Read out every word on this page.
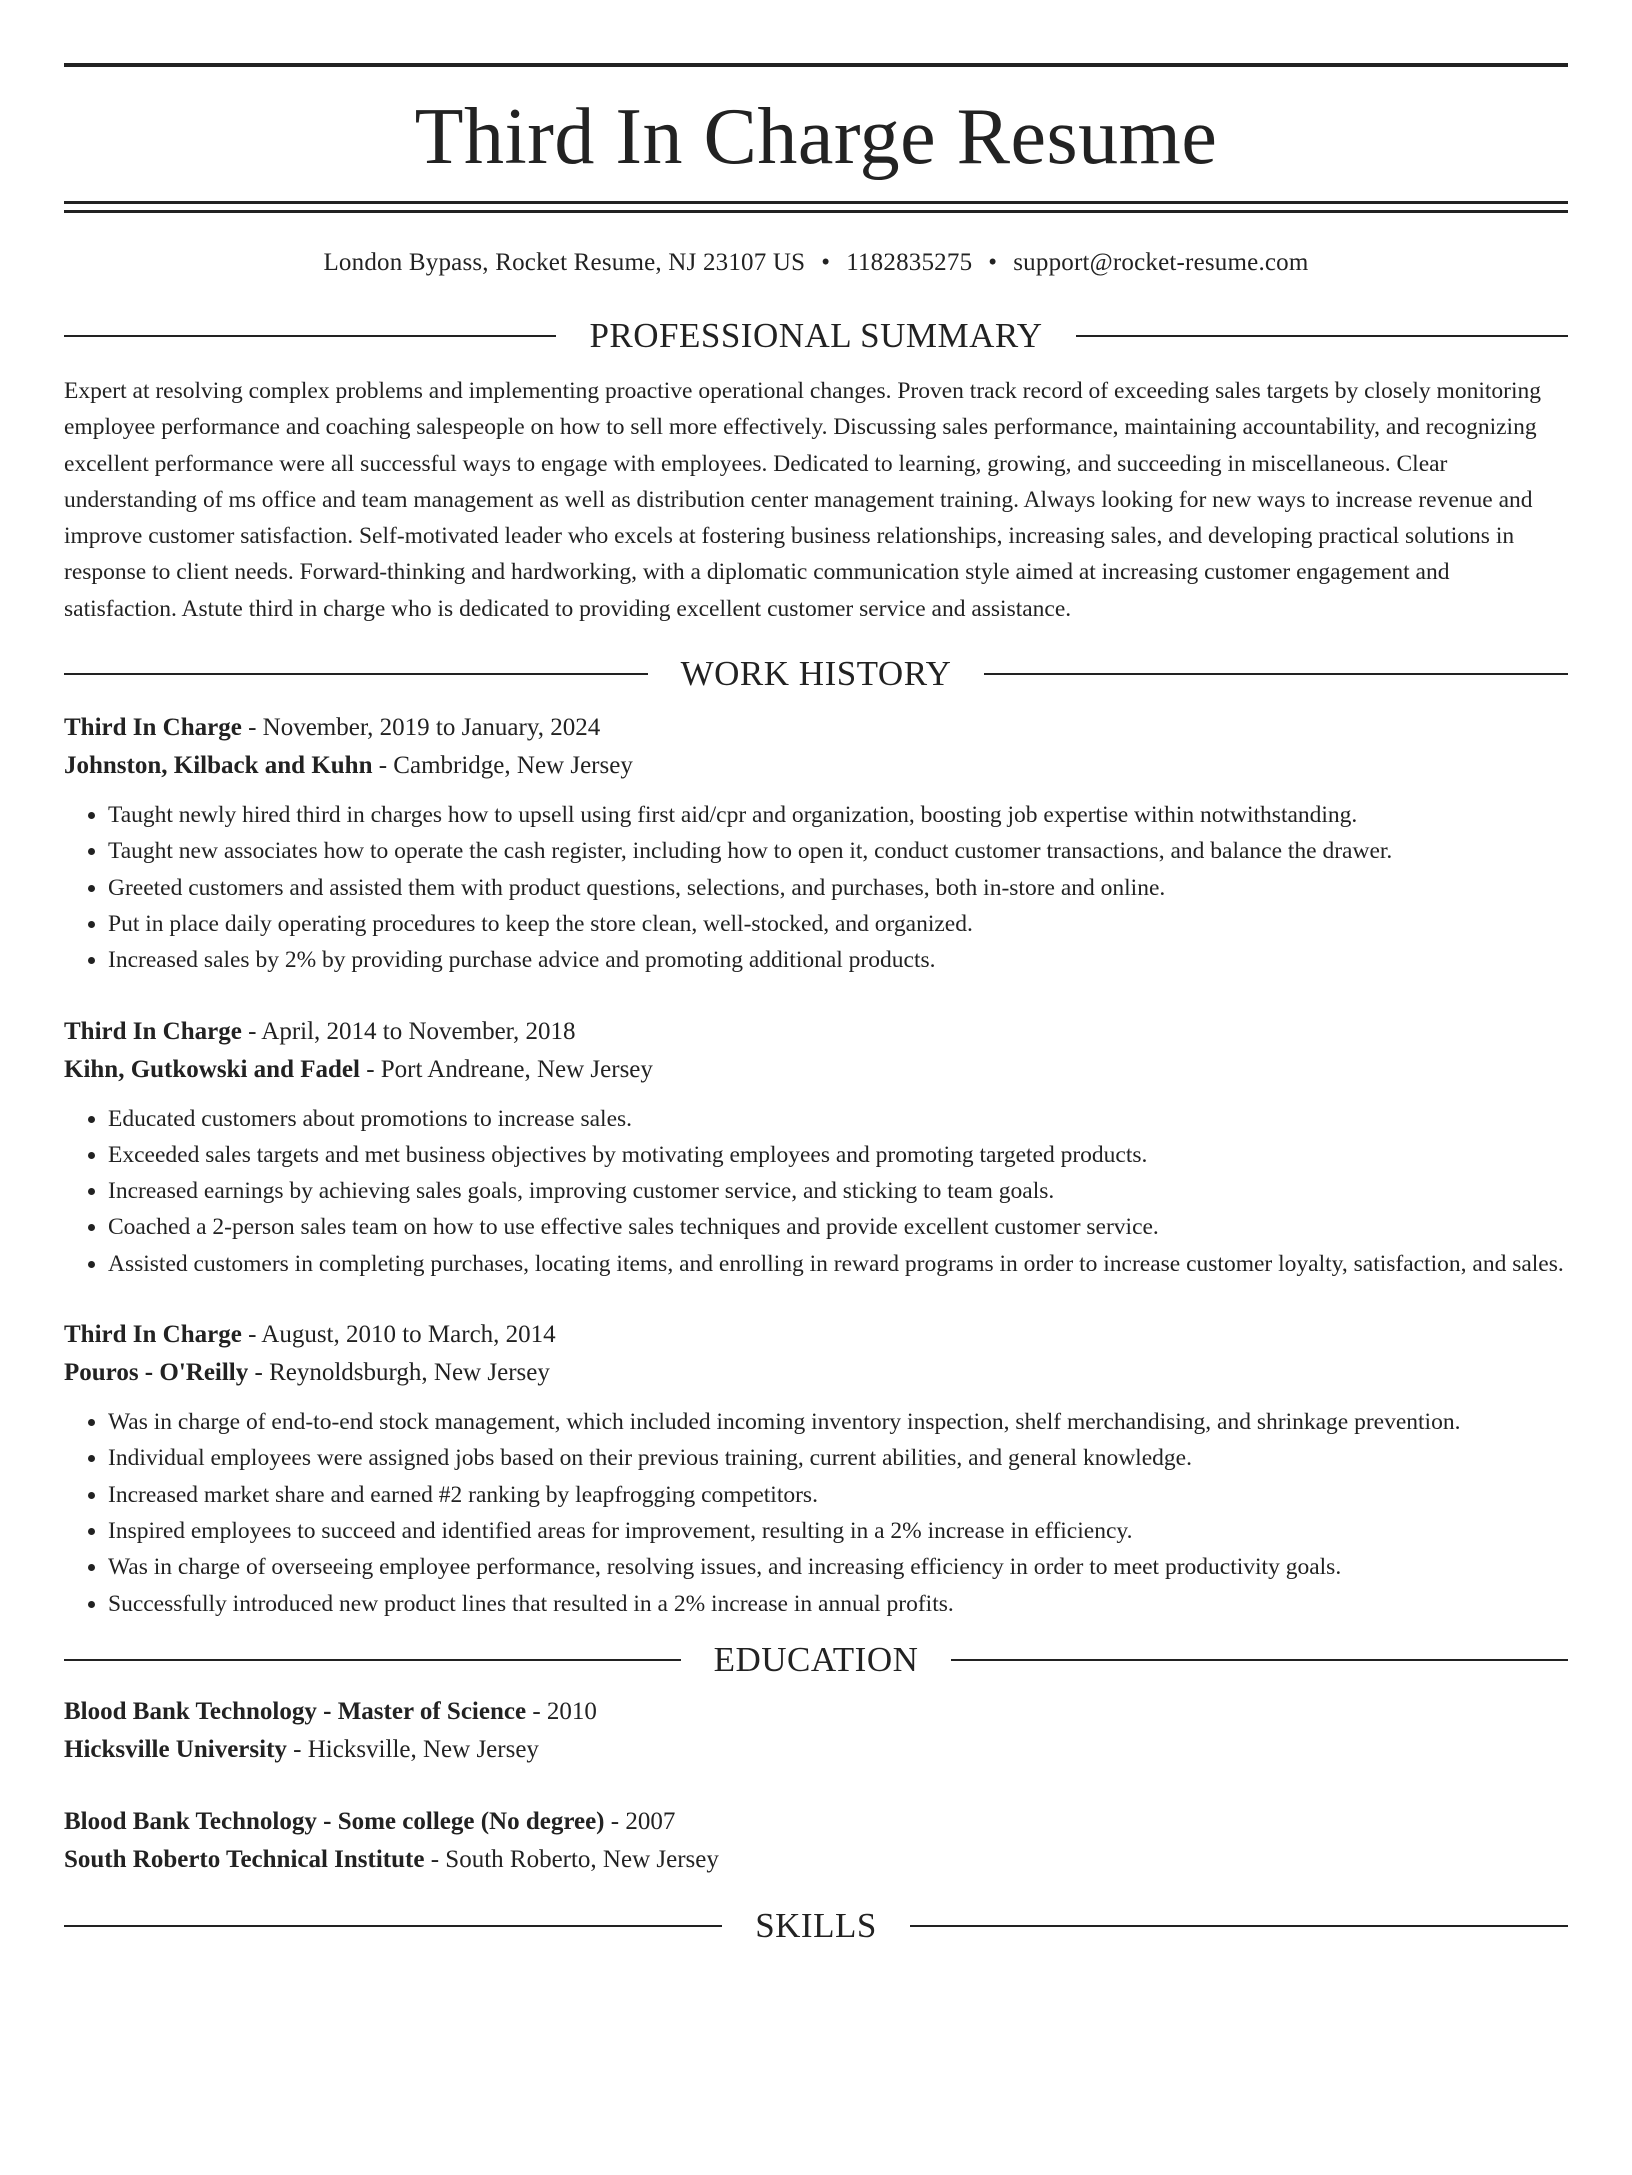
Third In Charge Resume
London Bypass, Rocket Resume, NJ 23107 US • 1182835275 • support@rocket-resume.com
PROFESSIONAL SUMMARY

Expert at resolving complex problems and implementing proactive operational changes. Proven track record of exceeding sales targets by closely monitoring employee performance and coaching salespeople on how to sell more effectively. Discussing sales performance, maintaining accountability, and recognizing excellent performance were all successful ways to engage with employees. Dedicated to learning, growing, and succeeding in miscellaneous. Clear understanding of ms office and team management as well as distribution center management training. Always looking for new ways to increase revenue and improve customer satisfaction. Self-motivated leader who excels at fostering business relationships, increasing sales, and developing practical solutions in response to client needs. Forward-thinking and hardworking, with a diplomatic communication style aimed at increasing customer engagement and satisfaction. Astute third in charge who is dedicated to providing excellent customer service and assistance.

WORK HISTORY

Third In Charge - November, 2019 to January, 2024

Johnston, Kilback and Kuhn - Cambridge, New Jersey

• Taught newly hired third in charges how to upsell using first aid/cpr and organization, boosting job expertise within notwithstanding.
• Taught new associates how to operate the cash register, including how to open it, conduct customer transactions, and balance the drawer.
• Greeted customers and assisted them with product questions, selections, and purchases, both in-store and online.
• Put in place daily operating procedures to keep the store clean, well-stocked, and organized.
• Increased sales by 2% by providing purchase advice and promoting additional products.

Third In Charge - April, 2014 to November, 2018

Kihn, Gutkowski and Fadel - Port Andreane, New Jersey

• Educated customers about promotions to increase sales.
• Exceeded sales targets and met business objectives by motivating employees and promoting targeted products.
• Increased earnings by achieving sales goals, improving customer service, and sticking to team goals.
• Coached a 2-person sales team on how to use effective sales techniques and provide excellent customer service.
• Assisted customers in completing purchases, locating items, and enrolling in reward programs in order to increase customer loyalty, satisfaction, and sales.

Third In Charge - August, 2010 to March, 2014

Pouros - O'Reilly - Reynoldsburgh, New Jersey

• Was in charge of end-to-end stock management, which included incoming inventory inspection, shelf merchandising, and shrinkage prevention.
• Individual employees were assigned jobs based on their previous training, current abilities, and general knowledge.
• Increased market share and earned #2 ranking by leapfrogging competitors.
• Inspired employees to succeed and identified areas for improvement, resulting in a 2% increase in efficiency.
• Was in charge of overseeing employee performance, resolving issues, and increasing efficiency in order to meet productivity goals.
• Successfully introduced new product lines that resulted in a 2% increase in annual profits.
EDUCATION

Blood Bank Technology - Master of Science - 2010

Hicksville University - Hicksville, New Jersey

Blood Bank Technology - Some college (No degree) - 2007

South Roberto Technical Institute - South Roberto, New Jersey

SKILLS
